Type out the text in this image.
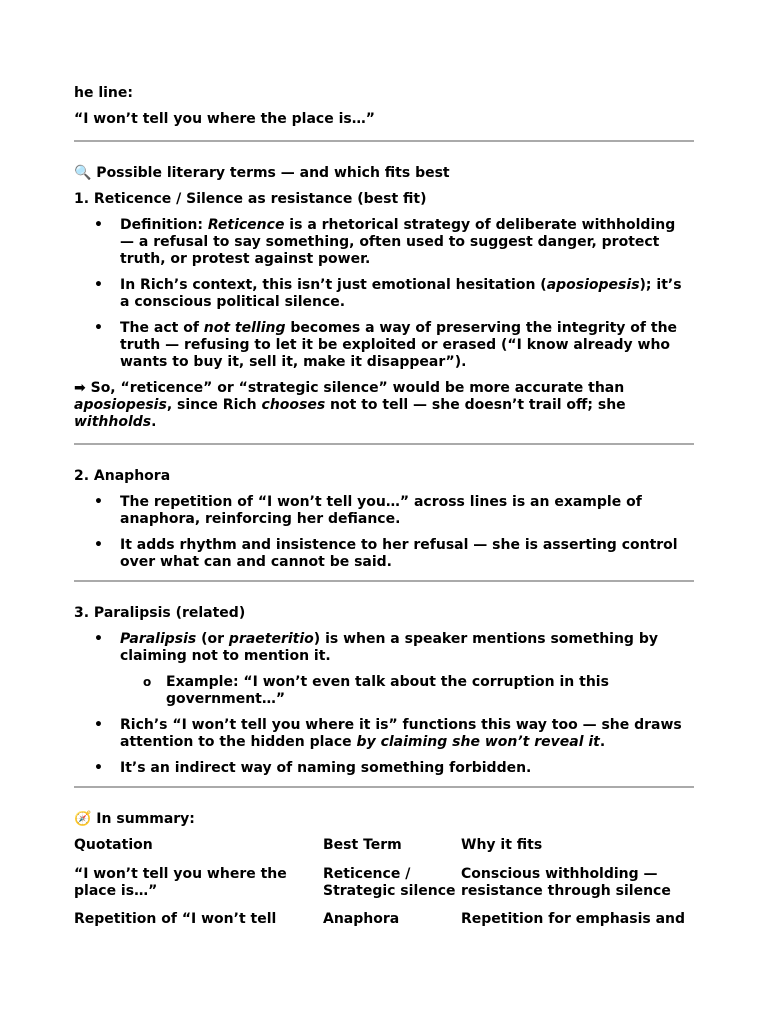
he line:

“I won’t tell you where the place is…”

🔍 Possible literary terms — and which fits best

1. Reticence / Silence as resistance (best fit)

• Definition: Reticence is a rhetorical strategy of deliberate withholding — a refusal to say something, often used to suggest danger, protect truth, or protest against power.
• In Rich’s context, this isn’t just emotional hesitation (aposiopesis); it’s a conscious political silence.
• The act of not telling becomes a way of preserving the integrity of the truth — refusing to let it be exploited or erased (“I know already who wants to buy it, sell it, make it disappear”).

➡ So, “reticence” or “strategic silence” would be more accurate than aposiopesis, since Rich chooses not to tell — she doesn’t trail off; she withholds.

2. Anaphora

• The repetition of “I won’t tell you…” across lines is an example of anaphora, reinforcing her defiance.
• It adds rhythm and insistence to her refusal — she is asserting control over what can and cannot be said.

3. Paralipsis (related)

• Paralipsis (or praeteritio) is when a speaker mentions something by claiming not to mention it.
o Example: “I won’t even talk about the corruption in this government…”
• Rich’s “I won’t tell you where it is” functions this way too — she draws attention to the hidden place by claiming she won’t reveal it.
• It’s an indirect way of naming something forbidden.

🧭 In summary:

Quotation	Best Term	Why it fits
“I won’t tell you where the place is…”	Reticence / Strategic silence	Conscious withholding — resistance through silence
Repetition of “I won’t tell	Anaphora	Repetition for emphasis and
